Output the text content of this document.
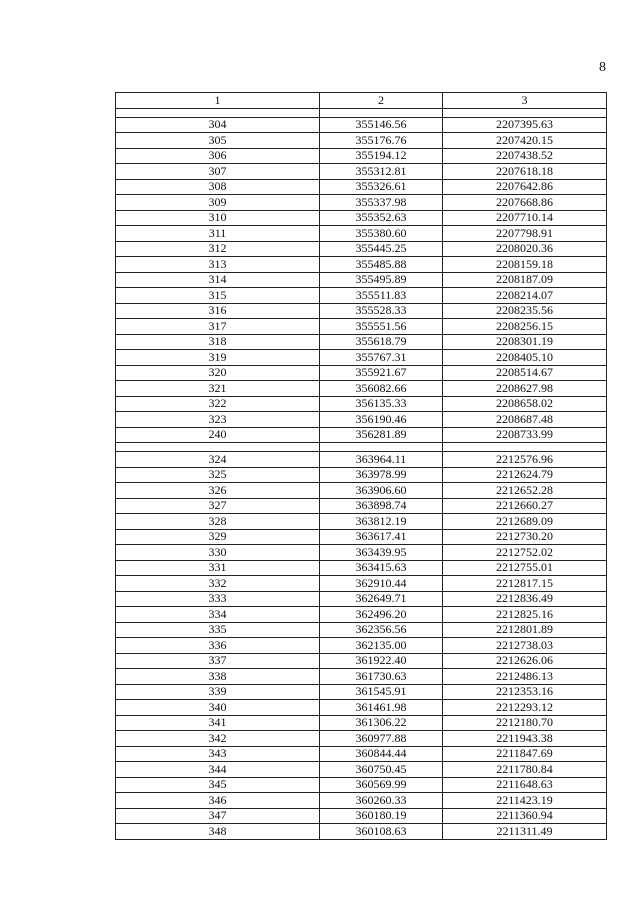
8
1	2	3

304	355146.56	2207395.63
305	355176.76	2207420.15
306	355194.12	2207438.52
307	355312.81	2207618.18
308	355326.61	2207642.86
309	355337.98	2207668.86
310	355352.63	2207710.14
311	355380.60	2207798.91
312	355445.25	2208020.36
313	355485.88	2208159.18
314	355495.89	2208187.09
315	355511.83	2208214.07
316	355528.33	2208235.56
317	355551.56	2208256.15
318	355618.79	2208301.19
319	355767.31	2208405.10
320	355921.67	2208514.67
321	356082.66	2208627.98
322	356135.33	2208658.02
323	356190.46	2208687.48
240	356281.89	2208733.99

324	363964.11	2212576.96
325	363978.99	2212624.79
326	363906.60	2212652.28
327	363898.74	2212660.27
328	363812.19	2212689.09
329	363617.41	2212730.20
330	363439.95	2212752.02
331	363415.63	2212755.01
332	362910.44	2212817.15
333	362649.71	2212836.49
334	362496.20	2212825.16
335	362356.56	2212801.89
336	362135.00	2212738.03
337	361922.40	2212626.06
338	361730.63	2212486.13
339	361545.91	2212353.16
340	361461.98	2212293.12
341	361306.22	2212180.70
342	360977.88	2211943.38
343	360844.44	2211847.69
344	360750.45	2211780.84
345	360569.99	2211648.63
346	360260.33	2211423.19
347	360180.19	2211360.94
348	360108.63	2211311.49
